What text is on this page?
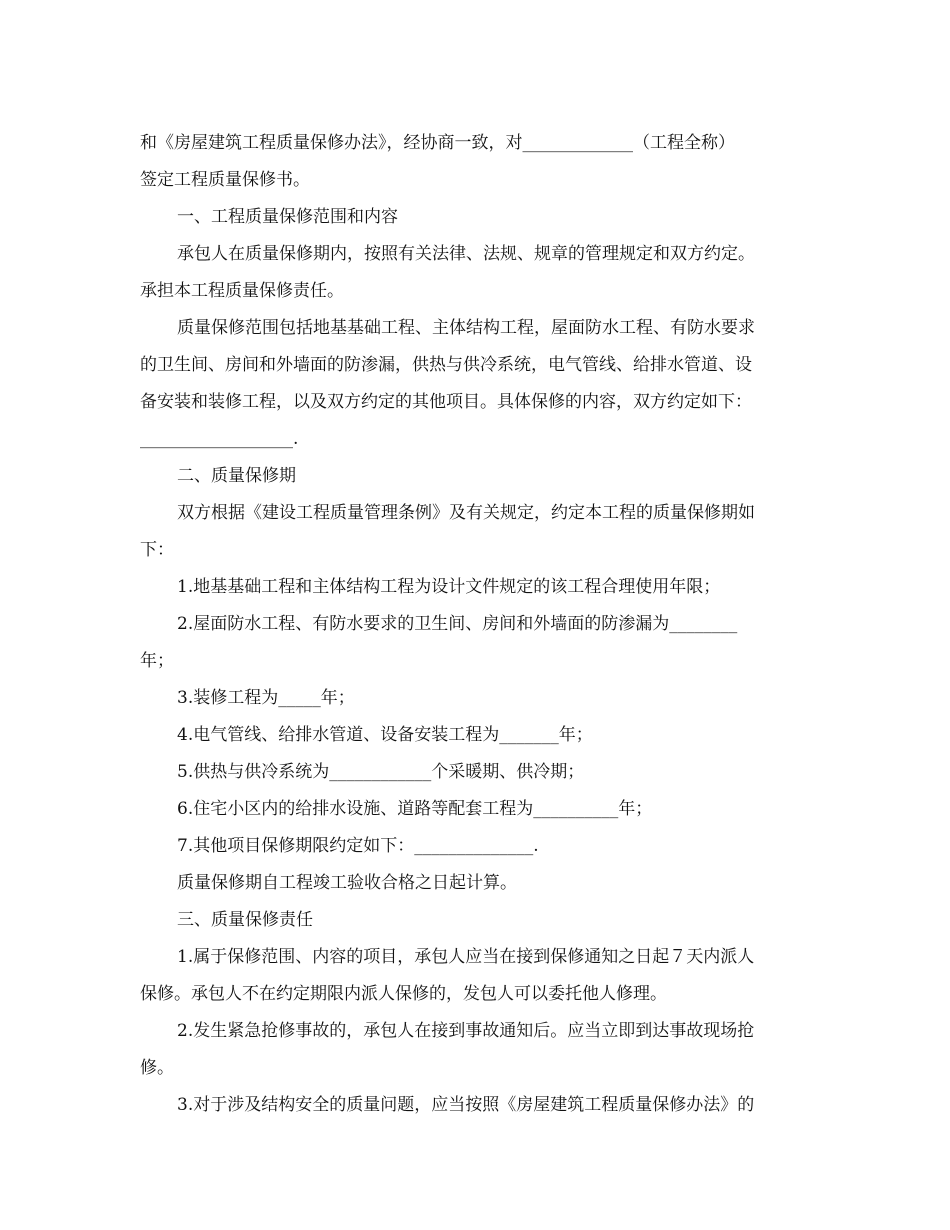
和《房屋建筑工程质量保修办法》，经协商一致，对_____________（工程全称）
签定工程质量保修书。
一、工程质量保修范围和内容
承包人在质量保修期内，按照有关法律、法规、规章的管理规定和双方约定。
承担本工程质量保修责任。
质量保修范围包括地基基础工程、主体结构工程，屋面防水工程、有防水要求
的卫生间、房间和外墙面的防渗漏，供热与供冷系统，电气管线、给排水管道、设
备安装和装修工程，以及双方约定的其他项目。具体保修的内容，双方约定如下：
__________________.
二、质量保修期
双方根据《建设工程质量管理条例》及有关规定，约定本工程的质量保修期如
下：
1.地基基础工程和主体结构工程为设计文件规定的该工程合理使用年限；
2.屋面防水工程、有防水要求的卫生间、房间和外墙面的防渗漏为________
年；
3.装修工程为_____年；
4.电气管线、给排水管道、设备安装工程为_______年；
5.供热与供冷系统为____________个采暖期、供冷期；
6.住宅小区内的给排水设施、道路等配套工程为__________年；
7.其他项目保修期限约定如下：______________.
质量保修期自工程竣工验收合格之日起计算。
三、质量保修责任
1.属于保修范围、内容的项目，承包人应当在接到保修通知之日起７天内派人
保修。承包人不在约定期限内派人保修的，发包人可以委托他人修理。
2.发生紧急抢修事故的，承包人在接到事故通知后。应当立即到达事故现场抢
修。
3.对于涉及结构安全的质量问题，应当按照《房屋建筑工程质量保修办法》的
